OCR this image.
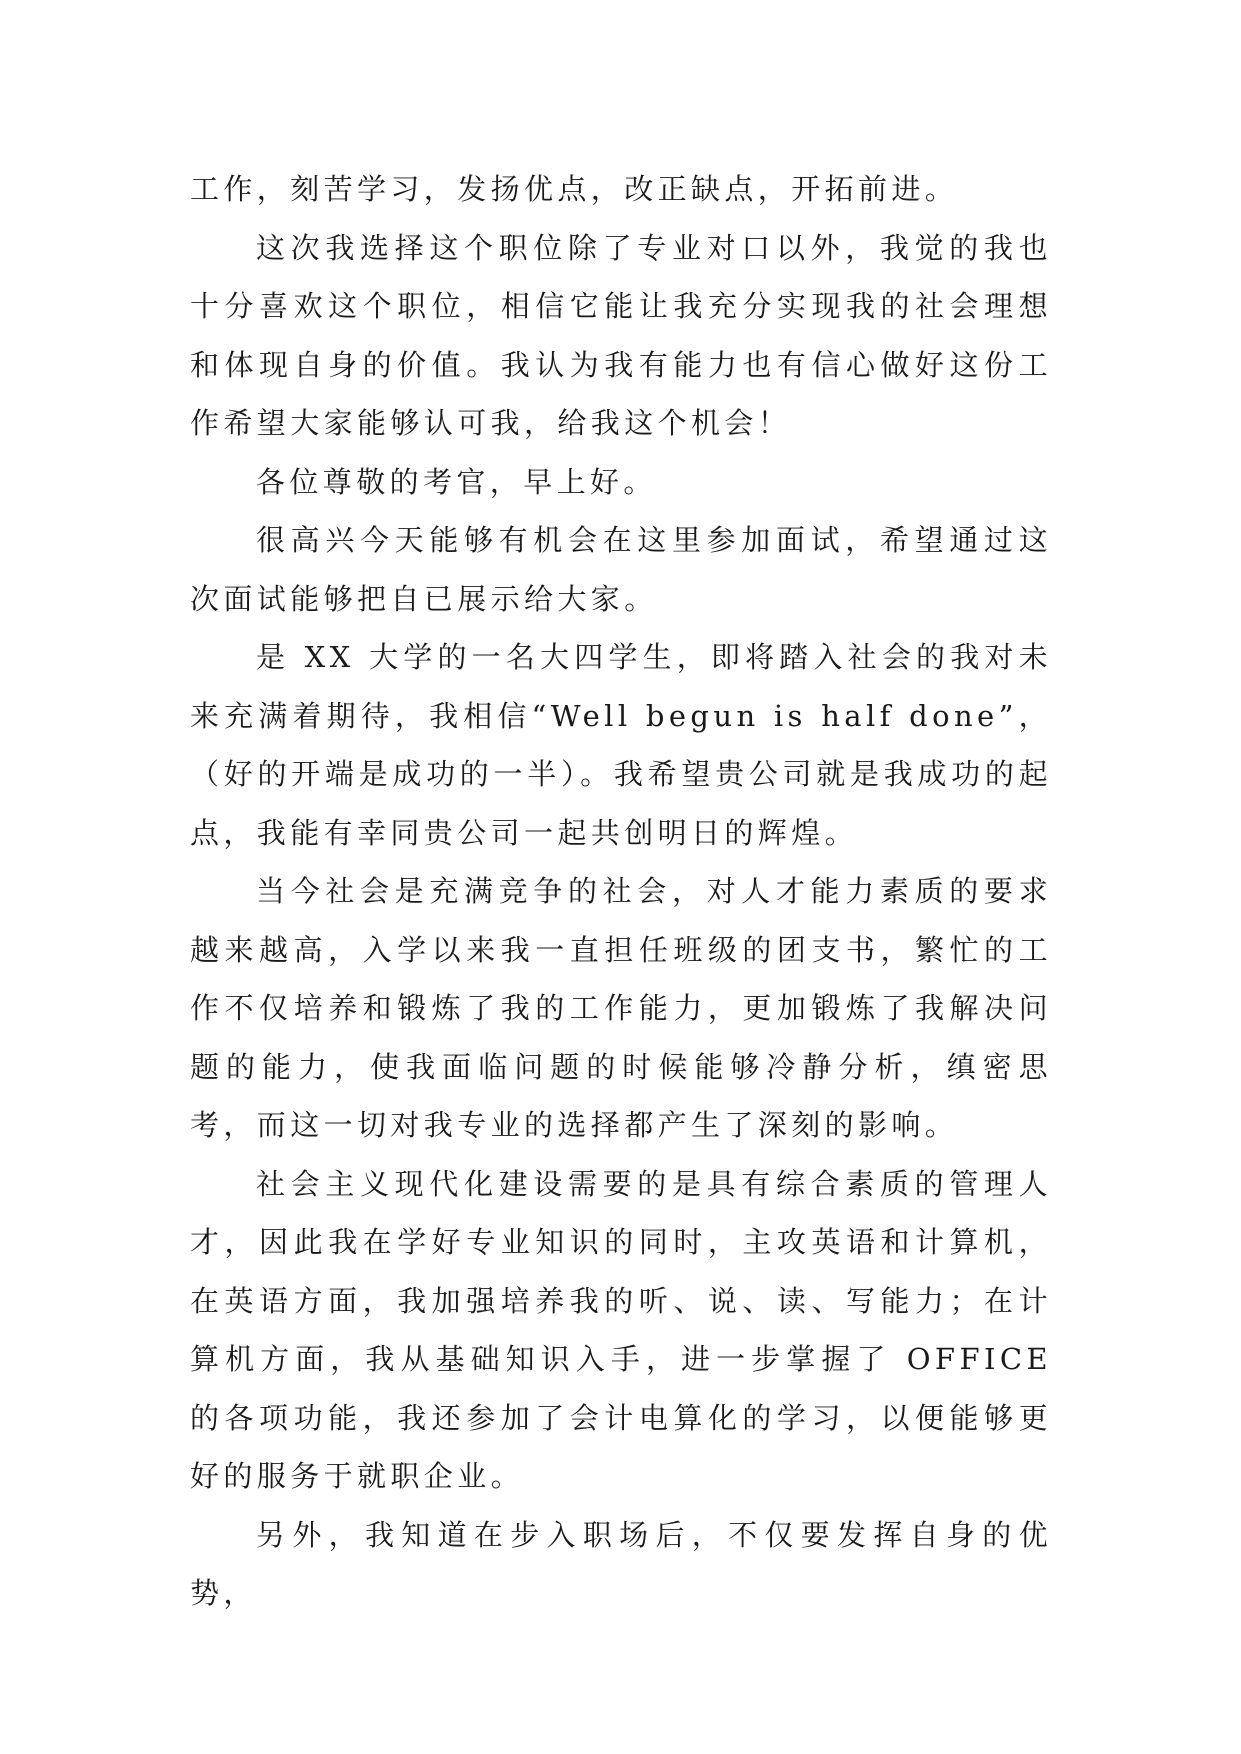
工作，刻苦学习，发扬优点，改正缺点，开拓前进。

这次我选择这个职位除了专业对口以外，我觉的我也十分喜欢这个职位，相信它能让我充分实现我的社会理想和体现自身的价值。我认为我有能力也有信心做好这份工作希望大家能够认可我，给我这个机会！

各位尊敬的考官，早上好。

很高兴今天能够有机会在这里参加面试，希望通过这次面试能够把自已展示给大家。

是 XX 大学的一名大四学生，即将踏入社会的我对未来充满着期待，我相信“Well begun is half done”，（好的开端是成功的一半）。我希望贵公司就是我成功的起点，我能有幸同贵公司一起共创明日的辉煌。

当今社会是充满竞争的社会，对人才能力素质的要求越来越高，入学以来我一直担任班级的团支书，繁忙的工作不仅培养和锻炼了我的工作能力，更加锻炼了我解决问题的能力，使我面临问题的时候能够冷静分析，缜密思考，而这一切对我专业的选择都产生了深刻的影响。

社会主义现代化建设需要的是具有综合素质的管理人才，因此我在学好专业知识的同时，主攻英语和计算机，在英语方面，我加强培养我的听、说、读、写能力；在计算机方面，我从基础知识入手，进一步掌握了 OFFICE 的各项功能，我还参加了会计电算化的学习，以便能够更好的服务于就职企业。

另外，我知道在步入职场后，不仅要发挥自身的优势，
